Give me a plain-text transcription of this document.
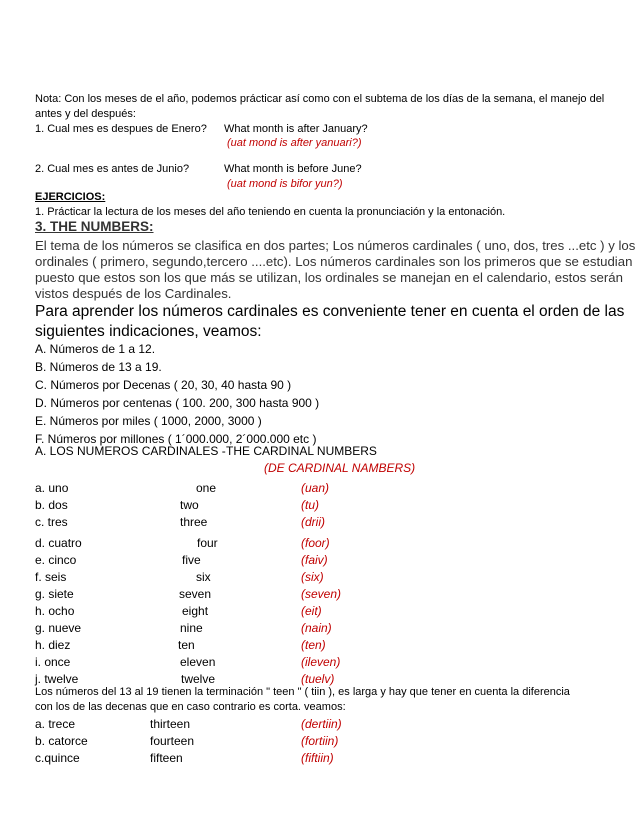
Nota: Con los meses de el año, podemos prácticar así como con el subtema de los días de la semana, el manejo del
antes y del después:
1. Cual mes es despues de Enero? What month is after January?
(uat mond is after yanuari?)
2. Cual mes es antes de Junio?	What month is before June?
(uat mond is bifor yun?)
EJERCICIOS:
1. Prácticar la lectura de los meses del año teniendo en cuenta la pronunciación y la entonación.
3. THE NUMBERS:
El tema de los números se clasifica en dos partes; Los números cardinales ( uno, dos, tres ...etc ) y los
ordinales ( primero, segundo,tercero ....etc). Los números cardinales son los primeros que se estudian
puesto que estos son los que más se utilizan, los ordinales se manejan en el calendario, estos serán
vistos después de los Cardinales.
Para aprender los números cardinales es conveniente tener en cuenta el orden de las
siguientes indicaciones, veamos:
A. Números de 1 a 12.
B. Números de 13 a 19.
C. Números por Decenas ( 20, 30, 40 hasta 90 )
D. Números por centenas ( 100. 200, 300 hasta 900 )
E. Números por miles ( 1000, 2000, 3000 )
F. Números por millones ( 1´000.000, 2´000.000 etc )
A. LOS NUMEROS CARDINALES - THE CARDINAL NUMBERS
(DE CARDINAL NAMBERS)
a. uno	one	(uan)
b. dos	two	(tu)
c. tres	three	(drii)
d. cuatro	four	(foor)
e. cinco	five	(faiv)
f. seis	six	(six)
g. siete	seven	(seven)
h. ocho	eight	(eit)
g. nueve	nine	(nain)
h. diez	ten	(ten)
i. once	eleven	(ileven)
j. twelve	twelve	(tuelv)
Los números del 13 al 19 tienen la terminación " teen " ( tiin ), es larga y hay que tener en cuenta la diferencia
con los de las decenas que en caso contrario es corta. veamos:
a. trece	thirteen	(dertiin)
b. catorce	fourteen	(fortiin)
c.quince	fifteen	(fiftiin)
